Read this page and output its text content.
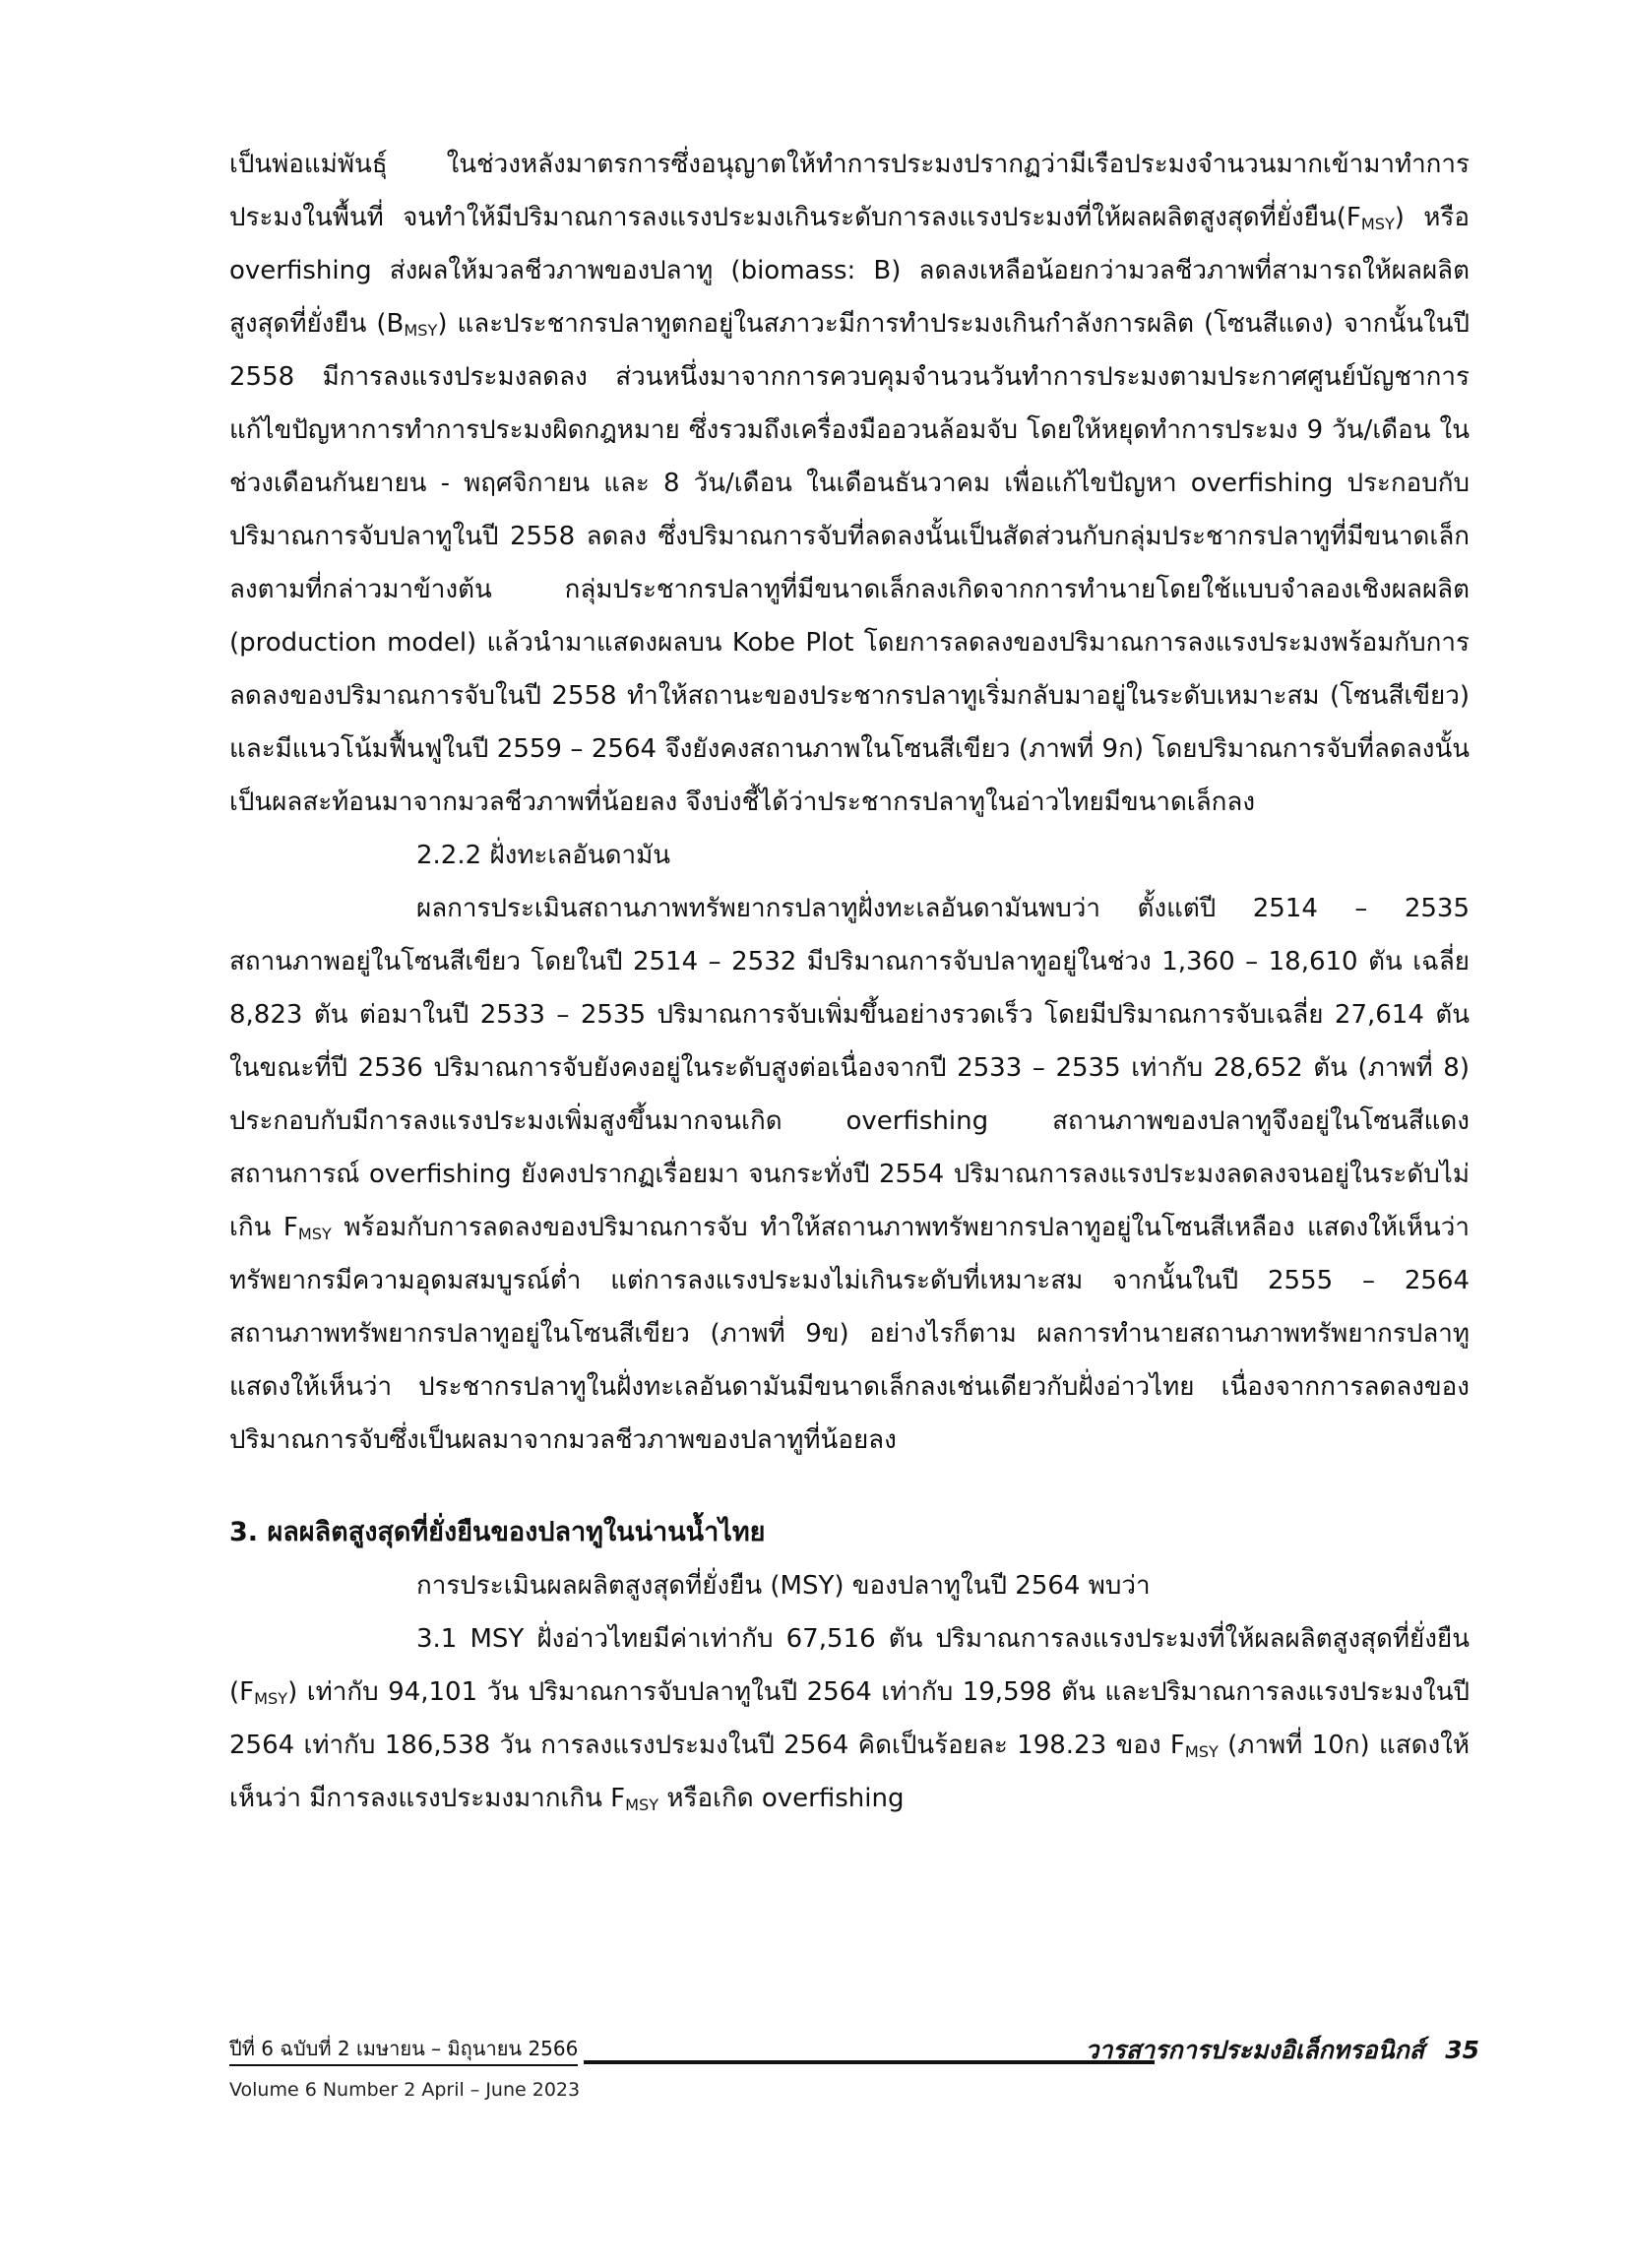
เป็นพ่อแม่พันธุ์ ในช่วงหลังมาตรการซึ่งอนุญาตให้ทำการประมงปรากฏว่ามีเรือประมงจำนวนมากเข้ามาทำการประมงในพื้นที่ จนทำให้มีปริมาณการลงแรงประมงเกินระดับการลงแรงประมงที่ให้ผลผลิตสูงสุดที่ยั่งยืน$(F_{MSY})$ หรือ overfishing ส่งผลให้มวลชีวภาพของปลาทู (biomass: B) ลดลงเหลือน้อยกว่ามวลชีวภาพที่สามารถให้ผลผลิตสูงสุดที่ยั่งยืน $(B_{MSY})$ และประชากรปลาทูตกอยู่ในสภาวะมีการทำประมงเกินกำลังการผลิต (โซนสีแดง) จากนั้นในปี 2558 มีการลงแรงประมงลดลง ส่วนหนึ่งมาจากการควบคุมจำนวนวันทำการประมงตามประกาศศูนย์บัญชาการแก้ไขปัญหาการทำการประมงผิดกฎหมาย ซึ่งรวมถึงเครื่องมืออวนล้อมจับ โดยให้หยุดทำการประมง 9 วัน/เดือน ในช่วงเดือนกันยายน - พฤศจิกายน และ 8 วัน/เดือน ในเดือนธันวาคม เพื่อแก้ไขปัญหา overfishing ประกอบกับปริมาณการจับปลาทูในปี 2558 ลดลง ซึ่งปริมาณการจับที่ลดลงนั้นเป็นสัดส่วนกับกลุ่มประชากรปลาทูที่มีขนาดเล็กลงตามที่กล่าวมาข้างต้น กลุ่มประชากรปลาทูที่มีขนาดเล็กลงเกิดจากการทำนายโดยใช้แบบจำลองเชิงผลผลิต (production model) แล้วนำมาแสดงผลบน Kobe Plot โดยการลดลงของปริมาณการลงแรงประมงพร้อมกับการลดลงของปริมาณการจับในปี 2558 ทำให้สถานะของประชากรปลาทูเริ่มกลับมาอยู่ในระดับเหมาะสม (โซนสีเขียว) และมีแนวโน้มฟื้นฟูในปี 2559 – 2564 จึงยังคงสถานภาพในโซนสีเขียว (ภาพที่ 9ก) โดยปริมาณการจับที่ลดลงนั้นเป็นผลสะท้อนมาจากมวลชีวภาพที่น้อยลง จึงบ่งชี้ได้ว่าประชากรปลาทูในอ่าวไทยมีขนาดเล็กลง

2.2.2 ฝั่งทะเลอันดามัน

ผลการประเมินสถานภาพทรัพยากรปลาทูฝั่งทะเลอันดามันพบว่า ตั้งแต่ปี 2514 – 2535 สถานภาพอยู่ในโซนสีเขียว โดยในปี 2514 – 2532 มีปริมาณการจับปลาทูอยู่ในช่วง 1,360 – 18,610 ตัน เฉลี่ย 8,823 ตัน ต่อมาในปี 2533 – 2535 ปริมาณการจับเพิ่มขึ้นอย่างรวดเร็ว โดยมีปริมาณการจับเฉลี่ย 27,614 ตัน ในขณะที่ปี 2536 ปริมาณการจับยังคงอยู่ในระดับสูงต่อเนื่องจากปี 2533 – 2535 เท่ากับ 28,652 ตัน (ภาพที่ 8) ประกอบกับมีการลงแรงประมงเพิ่มสูงขึ้นมากจนเกิด overfishing สถานภาพของปลาทูจึงอยู่ในโซนสีแดง สถานการณ์ overfishing ยังคงปรากฏเรื่อยมา จนกระทั่งปี 2554 ปริมาณการลงแรงประมงลดลงจนอยู่ในระดับไม่เกิน $F_{MSY}$ พร้อมกับการลดลงของปริมาณการจับ ทำให้สถานภาพทรัพยากรปลาทูอยู่ในโซนสีเหลือง แสดงให้เห็นว่า ทรัพยากรมีความอุดมสมบูรณ์ต่ำ แต่การลงแรงประมงไม่เกินระดับที่เหมาะสม จากนั้นในปี 2555 – 2564 สถานภาพทรัพยากรปลาทูอยู่ในโซนสีเขียว (ภาพที่ 9ข) อย่างไรก็ตาม ผลการทำนายสถานภาพทรัพยากรปลาทูแสดงให้เห็นว่า ประชากรปลาทูในฝั่งทะเลอันดามันมีขนาดเล็กลงเช่นเดียวกับฝั่งอ่าวไทย เนื่องจากการลดลงของปริมาณการจับซึ่งเป็นผลมาจากมวลชีวภาพของปลาทูที่น้อยลง

3. ผลผลิตสูงสุดที่ยั่งยืนของปลาทูในน่านน้ำไทย

การประเมินผลผลิตสูงสุดที่ยั่งยืน (MSY) ของปลาทูในปี 2564 พบว่า

3.1 MSY ฝั่งอ่าวไทยมีค่าเท่ากับ 67,516 ตัน ปริมาณการลงแรงประมงที่ให้ผลผลิตสูงสุดที่ยั่งยืน $(F_{MSY})$ เท่ากับ 94,101 วัน ปริมาณการจับปลาทูในปี 2564 เท่ากับ 19,598 ตัน และปริมาณการลงแรงประมงในปี 2564 เท่ากับ 186,538 วัน การลงแรงประมงในปี 2564 คิดเป็นร้อยละ 198.23 ของ $F_{MSY}$ (ภาพที่ 10ก) แสดงให้เห็นว่า มีการลงแรงประมงมากเกิน $F_{MSY}$ หรือเกิด overfishing

ปีที่ 6 ฉบับที่ 2 เมษายน – มิถุนายน 2566	วารสารการประมงอิเล็กทรอนิกส์ 35
Volume 6 Number 2 April – June 2023
